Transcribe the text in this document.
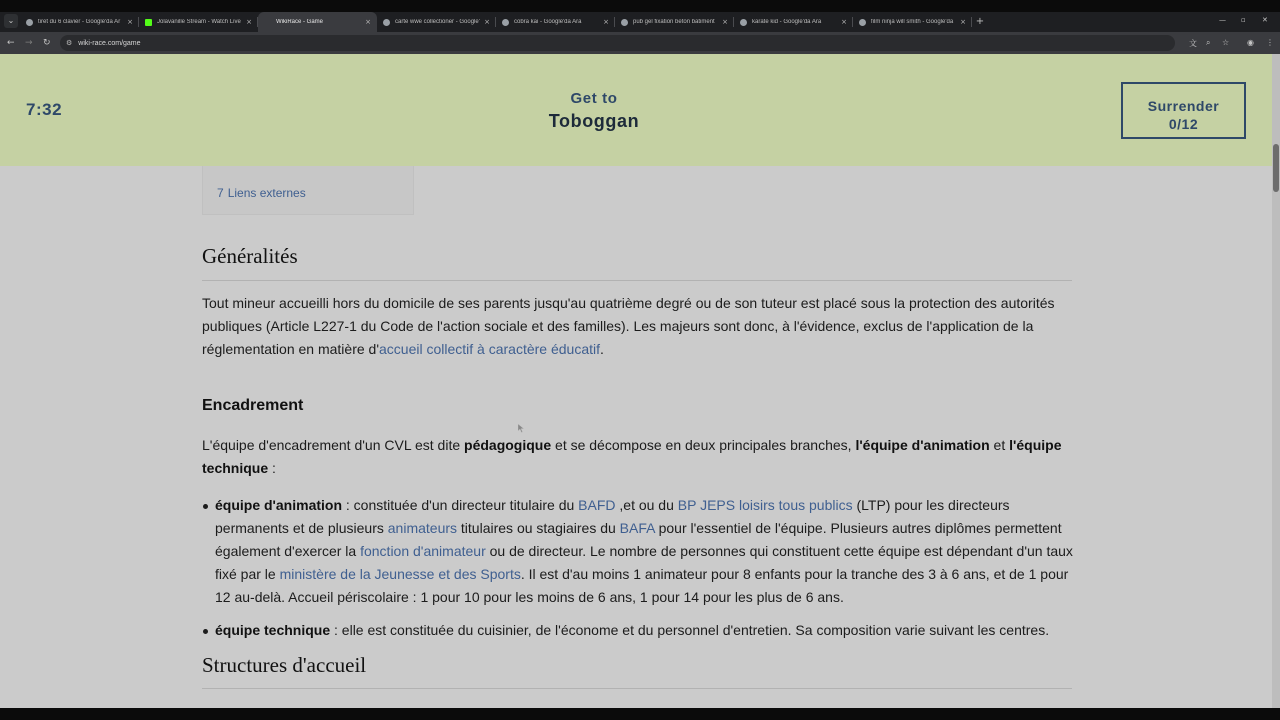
⌄	tiret du 6 clavier - Google'da Ar ×	Jolavanille Stream - Watch Live ×	WikiRace - Game	×	carte wwe collectioner - Google' ×	cobra kai - Google'da Ara	×	pub gel fixation beton batiment	×	karate kid - Google'da Ara	×	film ninja will smith - Google'da × +	— ▫ ✕
← → ↻ ⚙ wiki-race.com/game	文 ⌕ ☆ ◉ ⋮
7 Liens externes
Généralités
Tout mineur accueilli hors du domicile de ses parents jusqu'au quatrième degré ou de son tuteur est placé sous la protection des autorités publiques (Article L227-1 du Code de l'action sociale et des familles). Les majeurs sont donc, à l'évidence, exclus de l'application de la réglementation en matière d'accueil collectif à caractère éducatif.
Encadrement
L'équipe d'encadrement d'un CVL est dite pédagogique et se décompose en deux principales branches, l'équipe d'animation et l'équipe technique :
équipe d'animation : constituée d'un directeur titulaire du BAFD ,et ou du BP JEPS loisirs tous publics (LTP) pour les directeurs permanents et de plusieurs animateurs titulaires ou stagiaires du BAFA pour l'essentiel de l'équipe. Plusieurs autres diplômes permettent également d'exercer la fonction d'animateur ou de directeur. Le nombre de personnes qui constituent cette équipe est dépendant d'un taux fixé par le ministère de la Jeunesse et des Sports. Il est d'au moins 1 animateur pour 8 enfants pour la tranche des 3 à 6 ans, et de 1 pour 12 au-delà. Accueil périscolaire : 1 pour 10 pour les moins de 6 ans, 1 pour 14 pour les plus de 6 ans.
équipe technique : elle est constituée du cuisinier, de l'économe et du personnel d'entretien. Sa composition varie suivant les centres.
Structures d'accueil
7:32
Get to
Toboggan
Surrender
0/12
